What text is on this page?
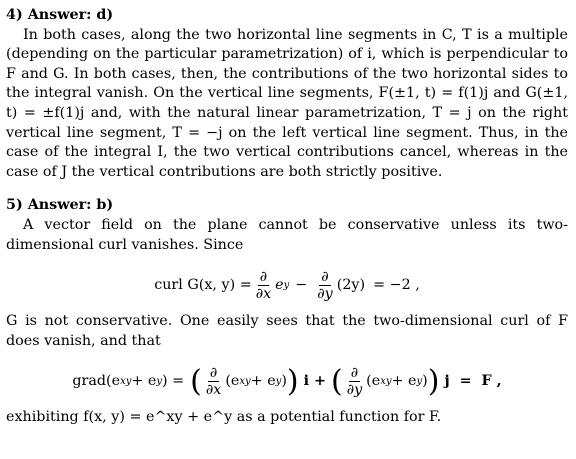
4) Answer: d)
In both cases, along the two horizontal line segments in C, T is a multiple (depending on the particular parametrization) of i, which is perpendicular to F and G. In both cases, then, the contributions of the two horizontal sides to the integral vanish. On the vertical line segments, F(±1, t) = f(1)j and G(±1, t) = ±f(1)j and, with the natural linear parametrization, T = j on the right vertical line segment, T = −j on the left vertical line segment. Thus, in the case of the integral I, the two vertical contributions cancel, whereas in the case of J the vertical contributions are both strictly positive.
5) Answer: b)
A vector field on the plane cannot be conservative unless its two-dimensional curl vanishes. Since
curl G(x, $y) = \frac{\partial}{\partial x}$ e $y - \frac{\partial}{\partial y} (2y) = -2$ ,
G is not conservative. One easily sees that the two-dimensional curl of F does vanish, and that
grad(e xy + e y ) = ( $\frac{\partial}{\partial x} (e$ xy + e y ) ) i + ( $\frac{\partial}{\partial y} (e$ xy + e y ) ) j  =  F ,
exhibiting f(x, y) = e^xy + e^y as a potential function for F.
